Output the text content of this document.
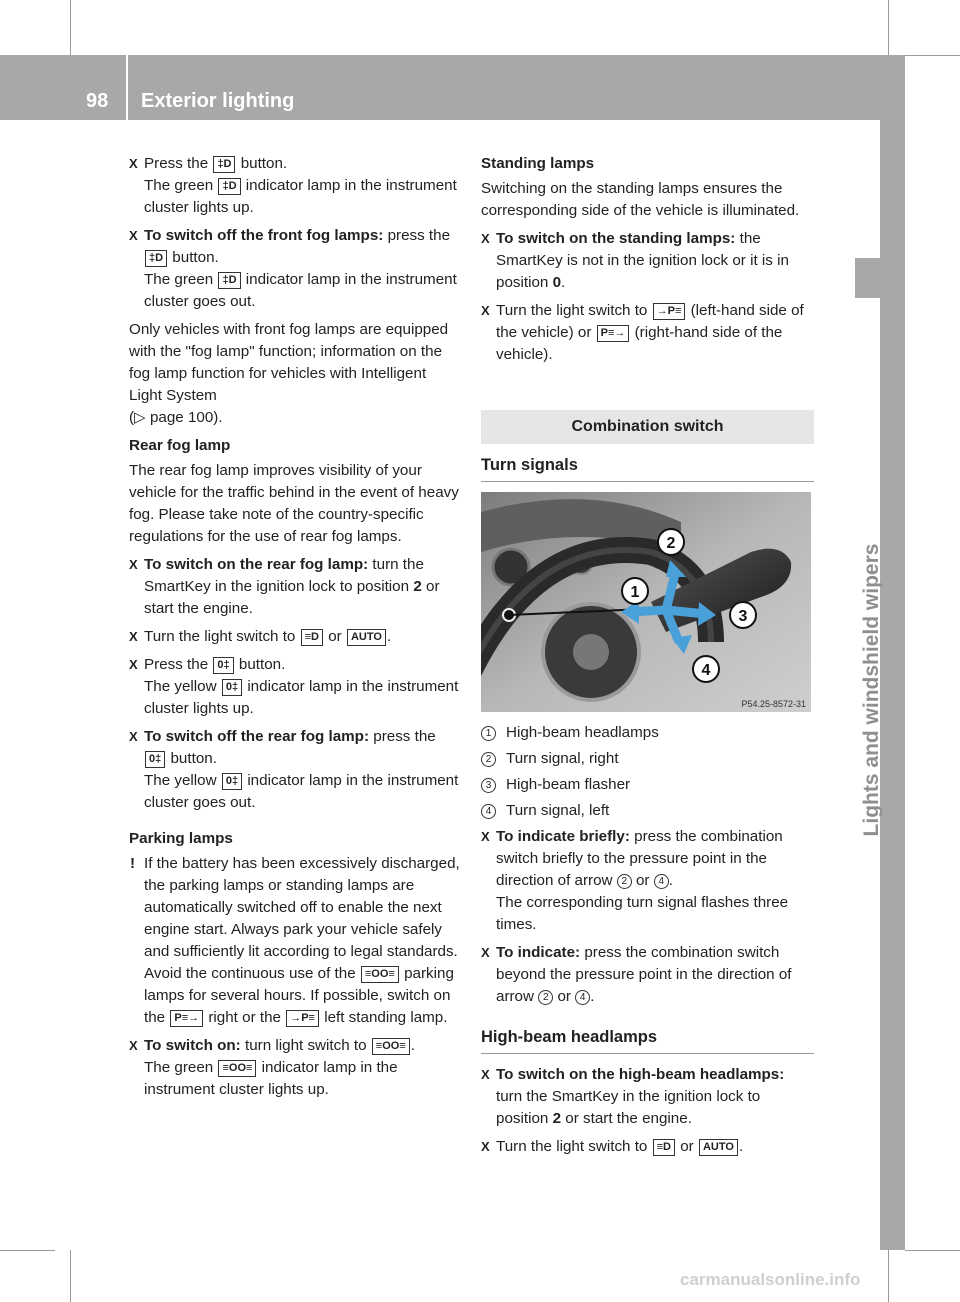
98 Exterior lighting
Lights and windshield wipers
X Press the ‡D button.
The green ‡D indicator lamp in the instrument cluster lights up.
X To switch off the front fog lamps: press the ‡D button.
The green ‡D indicator lamp in the instrument cluster goes out.

Only vehicles with front fog lamps are equipped with the "fog lamp" function; information on the fog lamp function for vehicles with Intelligent Light System
(▷ page 100).

Rear fog lamp

The rear fog lamp improves visibility of your vehicle for the traffic behind in the event of heavy fog. Please take note of the country-specific regulations for the use of rear fog lamps.

X To switch on the rear fog lamp: turn the SmartKey in the ignition lock to position 2 or start the engine.
X Turn the light switch to ≡D or AUTO .
X Press the 0‡ button.
The yellow 0‡ indicator lamp in the instrument cluster lights up.
X To switch off the rear fog lamp: press the 0‡ button.
The yellow 0‡ indicator lamp in the instrument cluster goes out.
Parking lamps
! If the battery has been excessively discharged, the parking lamps or standing lamps are automatically switched off to enable the next engine start. Always park your vehicle safely and sufficiently lit according to legal standards. Avoid the continuous use of the ≡OO≡ parking lamps for several hours. If possible, switch on the P≡→ right or the →P≡ left standing lamp.
X To switch on: turn light switch to ≡OO≡ .
The green ≡OO≡ indicator lamp in the instrument cluster lights up.
Standing lamps

Switching on the standing lamps ensures the corresponding side of the vehicle is illuminated.

X To switch on the standing lamps: the SmartKey is not in the ignition lock or it is in position 0.
X Turn the light switch to →P≡ (left-hand side of the vehicle) or P≡→ (right-hand side of the vehicle).
Combination switch
Turn signals
2
1
3
4
P54.25-8572-31
1 High-beam headlamps
2 Turn signal, right
3 High-beam flasher
4 Turn signal, left
X To indicate briefly: press the combination switch briefly to the pressure point in the direction of arrow 2 or 4 .
The corresponding turn signal flashes three times.
X To indicate: press the combination switch beyond the pressure point in the direction of arrow 2 or 4 .
High-beam headlamps
X To switch on the high-beam headlamps: turn the SmartKey in the ignition lock to position 2 or start the engine.
X Turn the light switch to ≡D or AUTO .
carmanualsonline.info
